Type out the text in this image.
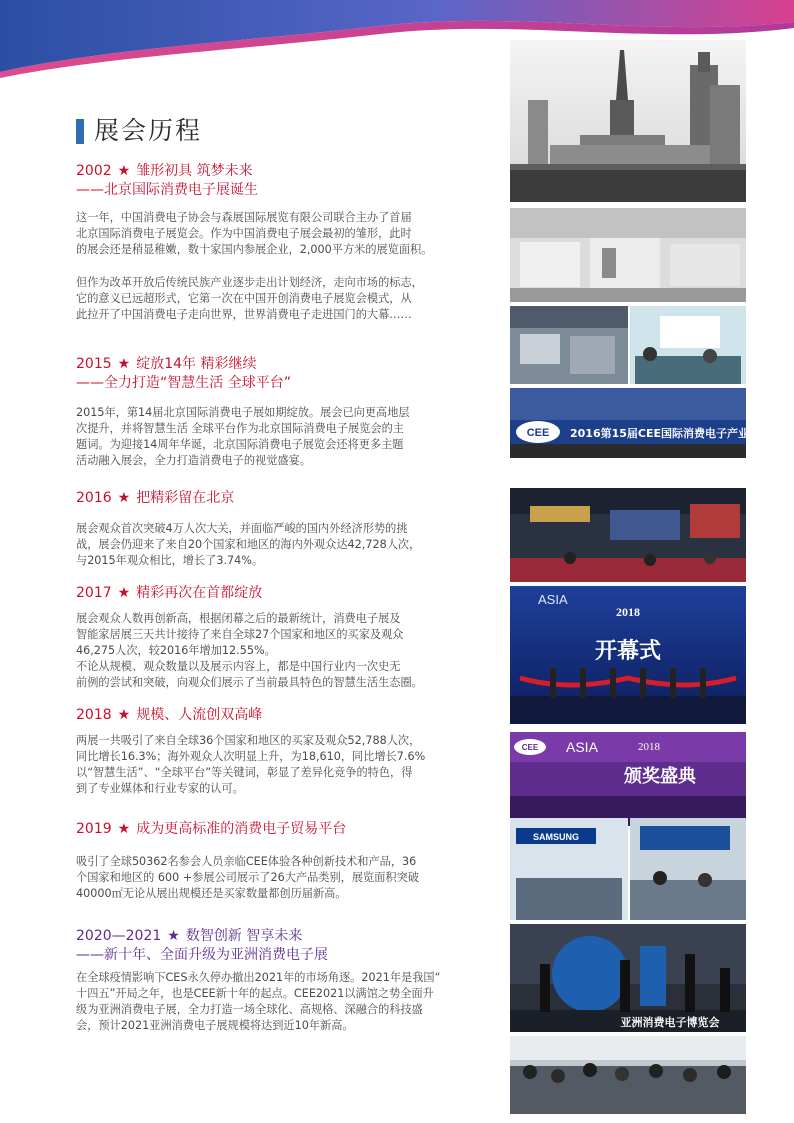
展会历程
2002 ★ 雏形初具 筑梦未来
——北京国际消费电子展诞生

这一年，中国消费电子协会与森展国际展览有限公司联合主办了首届
北京国际消费电子展览会。作为中国消费电子展会最初的雏形，此时
的展会还是稍显稚嫩，数十家国内参展企业，2,000平方米的展览面积。

但作为改革开放后传统民族产业逐步走出计划经济，走向市场的标志，
它的意义已远超形式，它第一次在中国开创消费电子展览会模式，从
此拉开了中国消费电子走向世界，世界消费电子走进国门的大幕……

2015 ★ 绽放14年 精彩继续
——全力打造“智慧生活 全球平台”

2015年，第14届北京国际消费电子展如期绽放。展会已向更高地层
次提升，并将智慧生活 全球平台作为北京国际消费电子展览会的主
题词。为迎接14周年华诞，北京国际消费电子展览会还将更多主题
活动融入展会，全力打造消费电子的视觉盛宴。

2016 ★ 把精彩留在北京

展会观众首次突破4万人次大关，并面临严峻的国内外经济形势的挑
战，展会仍迎来了来自20个国家和地区的海内外观众达42,728人次，
与2015年观众相比，增长了3.74%。

2017 ★ 精彩再次在首都绽放

展会观众人数再创新高，根据闭幕之后的最新统计，消费电子展及
智能家居展三天共计接待了来自全球27个国家和地区的买家及观众
46,275人次，较2016年增加12.55%。
不论从规模、观众数量以及展示内容上，都是中国行业内一次史无
前例的尝试和突破，向观众们展示了当前最具特色的智慧生活生态圈。

2018 ★ 规模、人流创双高峰

两展一共吸引了来自全球36个国家和地区的买家及观众52,788人次，
同比增长16.3%；海外观众人次明显上升，为18,610，同比增长7.6%
以“智慧生活”、“全球平台”等关键词，彰显了差异化竞争的特色，得
到了专业媒体和行业专家的认可。

2019 ★ 成为更高标准的消费电子贸易平台

吸引了全球50362名参会人员亲临CEE体验各种创新技术和产品，36
个国家和地区的 600 +参展公司展示了26大产品类别，展览面积突破
40000㎡无论从展出规模还是买家数量都创历届新高。

2020—2021 ★ 数智创新 智享未来
——新十年、全面升级为亚洲消费电子展

在全球疫情影响下CES永久停办撤出2021年的市场角逐。2021年是我国“
十四五”开局之年，也是CEE新十年的起点。CEE2021以满馆之势全面升
级为亚洲消费电子展，全力打造一场全球化、高规格、深融合的科技盛
会，预计2021亚洲消费电子展规模将达到近10年新高。

CEE 2016第15届CEE国际消费电子产业博览会
ASIA
2018
开幕式
CEE ASIA	2018
颁奖盛典
SAMSUNG
亚洲消费电子博览会
